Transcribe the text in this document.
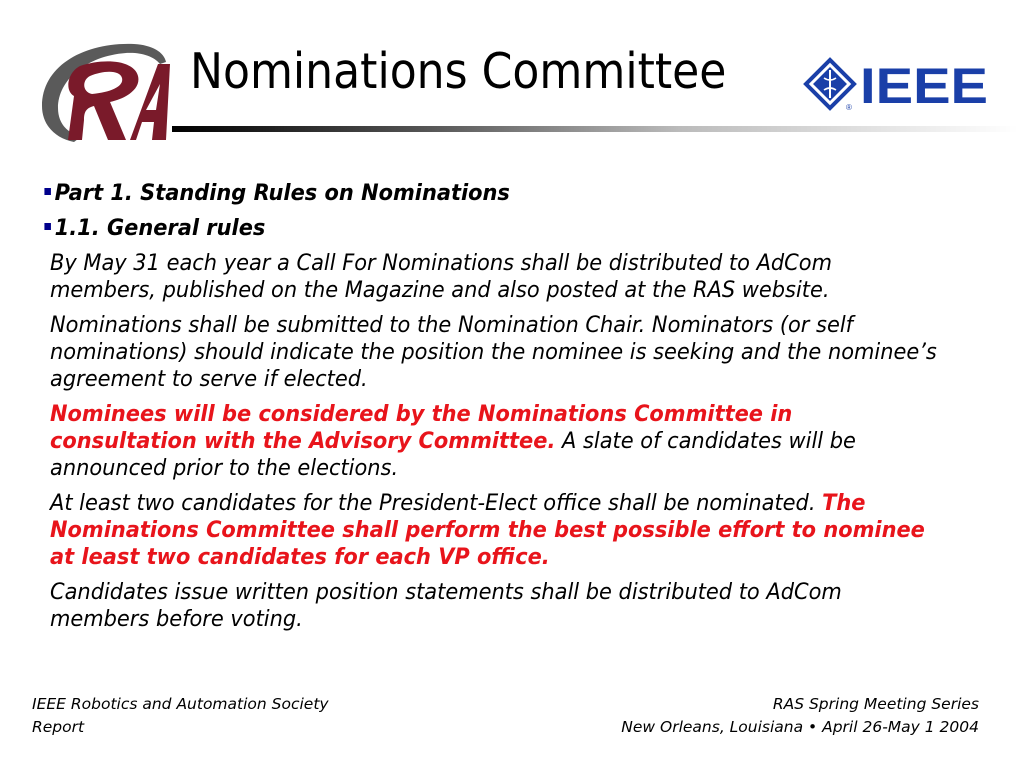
RA
Nominations Committee	IEEE
®
Part 1. Standing Rules on Nominations
1.1. General rules
By May 31 each year a Call For Nominations shall be distributed to AdCom members, published on the Magazine and also posted at the RAS website.
Nominations shall be submitted to the Nomination Chair. Nominators (or self nominations) should indicate the position the nominee is seeking and the nominee’s agreement to serve if elected.
Nominees will be considered by the Nominations Committee in consultation with the Advisory Committee. A slate of candidates will be announced prior to the elections.
At least two candidates for the President-Elect office shall be nominated. The Nominations Committee shall perform the best possible effort to nominee at least two candidates for each VP office.
Candidates issue written position statements shall be distributed to AdCom members before voting.
IEEE Robotics and Automation Society
Report
RAS Spring Meeting Series
New Orleans, Louisiana • April 26-May 1 2004
